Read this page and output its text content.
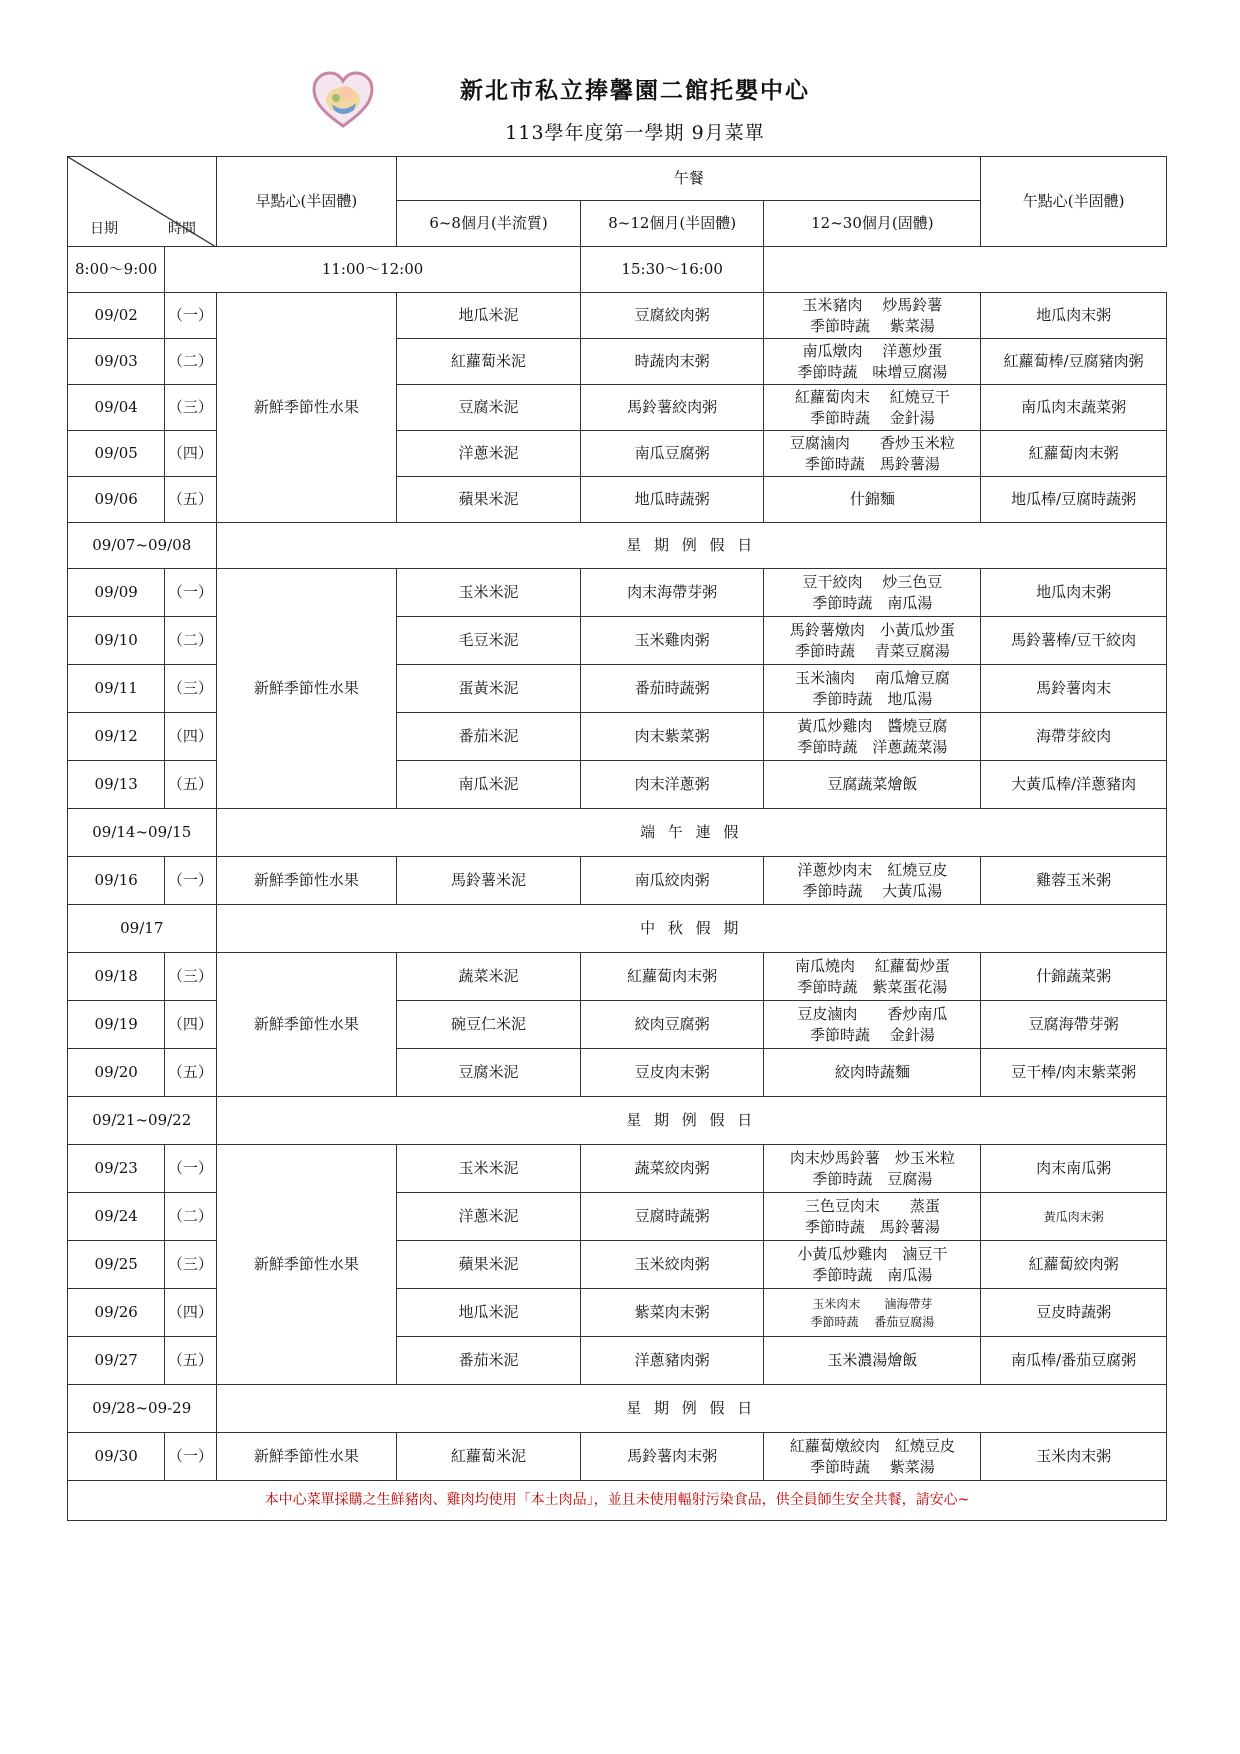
新北市私立捧馨園二館托嬰中心
113學年度第一學期 9月菜單
日期 時間		早點心(半固體)	午餐			午點心(半固體)
			6~8個月(半流質)	8~12個月(半固體)	12~30個月(固體)	
8:00～9:00	11:00～12:00			15:30～16:00		
09/02	（一）	新鮮季節性水果	地瓜米泥	豆腐絞肉粥	玉米豬肉　 炒馬鈴薯
季節時蔬　 紫菜湯	地瓜肉末粥
09/03	（二）		紅蘿蔔米泥	時蔬肉末粥	南瓜燉肉　 洋蔥炒蛋
季節時蔬　味增豆腐湯	紅蘿蔔棒/豆腐豬肉粥
09/04	（三）		豆腐米泥	馬鈴薯絞肉粥	紅蘿蔔肉末　 紅燒豆干
季節時蔬　 金針湯	南瓜肉末蔬菜粥
09/05	（四）		洋蔥米泥	南瓜豆腐粥	豆腐滷肉　　香炒玉米粒
季節時蔬　馬鈴薯湯	紅蘿蔔肉末粥
09/06	（五）		蘋果米泥	地瓜時蔬粥	什錦麵	地瓜棒/豆腐時蔬粥
09/07~09/08		星 期 例 假 日				
09/09	（一）	新鮮季節性水果	玉米米泥	肉末海帶芽粥	豆干絞肉　 炒三色豆
季節時蔬　南瓜湯	地瓜肉末粥
09/10	（二）		毛豆米泥	玉米雞肉粥	馬鈴薯燉肉　小黃瓜炒蛋
季節時蔬　 青菜豆腐湯	馬鈴薯棒/豆干絞肉
09/11	（三）		蛋黃米泥	番茄時蔬粥	玉米滷肉　 南瓜燴豆腐
季節時蔬　地瓜湯	馬鈴薯肉末
09/12	（四）		番茄米泥	肉末紫菜粥	黃瓜炒雞肉　醬燒豆腐
季節時蔬　洋蔥蔬菜湯	海帶芽絞肉
09/13	（五）		南瓜米泥	肉末洋蔥粥	豆腐蔬菜燴飯	大黃瓜棒/洋蔥豬肉
09/14~09/15		端 午 連 假				
09/16	（一）	新鮮季節性水果	馬鈴薯米泥	南瓜絞肉粥	洋蔥炒肉末　紅燒豆皮
季節時蔬　 大黃瓜湯	雞蓉玉米粥
09/17		中 秋 假 期				
09/18	（三）	新鮮季節性水果	蔬菜米泥	紅蘿蔔肉末粥	南瓜燒肉　 紅蘿蔔炒蛋
季節時蔬　紫菜蛋花湯	什錦蔬菜粥
09/19	（四）		碗豆仁米泥	絞肉豆腐粥	豆皮滷肉　　香炒南瓜
季節時蔬　 金針湯	豆腐海帶芽粥
09/20	（五）		豆腐米泥	豆皮肉末粥	絞肉時蔬麵	豆干棒/肉末紫菜粥
09/21~09/22		星 期 例 假 日				
09/23	（一）	新鮮季節性水果	玉米米泥	蔬菜絞肉粥	肉末炒馬鈴薯　炒玉米粒
季節時蔬　豆腐湯	肉末南瓜粥
09/24	（二）		洋蔥米泥	豆腐時蔬粥	三色豆肉末　　蒸蛋
季節時蔬　馬鈴薯湯	黃瓜肉末粥
09/25	（三）		蘋果米泥	玉米絞肉粥	小黃瓜炒雞肉　滷豆干
季節時蔬　南瓜湯	紅蘿蔔絞肉粥
09/26	（四）		地瓜米泥	紫菜肉末粥	玉米肉末　　滷海帶芽
季節時蔬　 番茄豆腐湯	豆皮時蔬粥
09/27	（五）		番茄米泥	洋蔥豬肉粥	玉米濃湯燴飯	南瓜棒/番茄豆腐粥
09/28~09-29		星 期 例 假 日				
09/30	（一）	新鮮季節性水果	紅蘿蔔米泥	馬鈴薯肉末粥	紅蘿蔔燉絞肉　紅燒豆皮
季節時蔬　 紫菜湯	玉米肉末粥
本中心菜單採購之生鮮豬肉、雞肉均使用「本土肉品」，並且未使用輻射污染食品，供全員師生安全共餐，請安心~						
